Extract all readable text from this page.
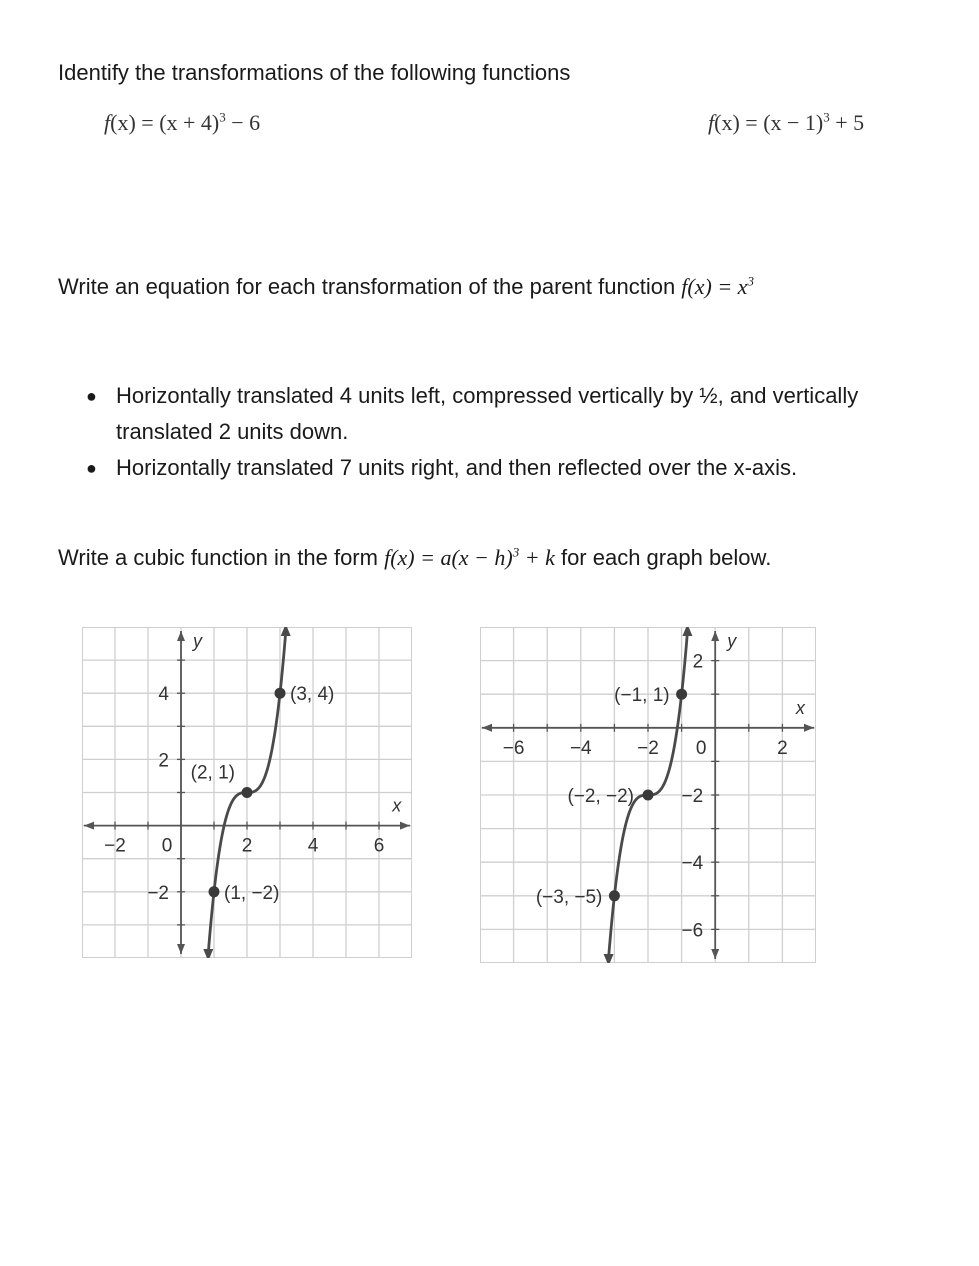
Identify the transformations of the following functions
$f(x) = (x + 4)^3 - 6$	$f(x) = (x - 1)^3 + 5$
Write an equation for each transformation of the parent function $f(x) = x^3$
● Horizontally translated 4 units left, compressed vertically by ½, and vertically translated 2 units down.
● Horizontally translated 7 units right, and then reflected over the x-axis.
Write a cubic function in the form $f(x) = a(x - h)^3 + k$ for each graph below.
y
x
−2 0	2	4	6
4
2
−2	(1, −2)
(2, 1)
(3, 4)
y
x
−6 −4 −2 0	2
2
−2
−4
−6
(−3, −5)
(−2, −2)
(−1, 1)
